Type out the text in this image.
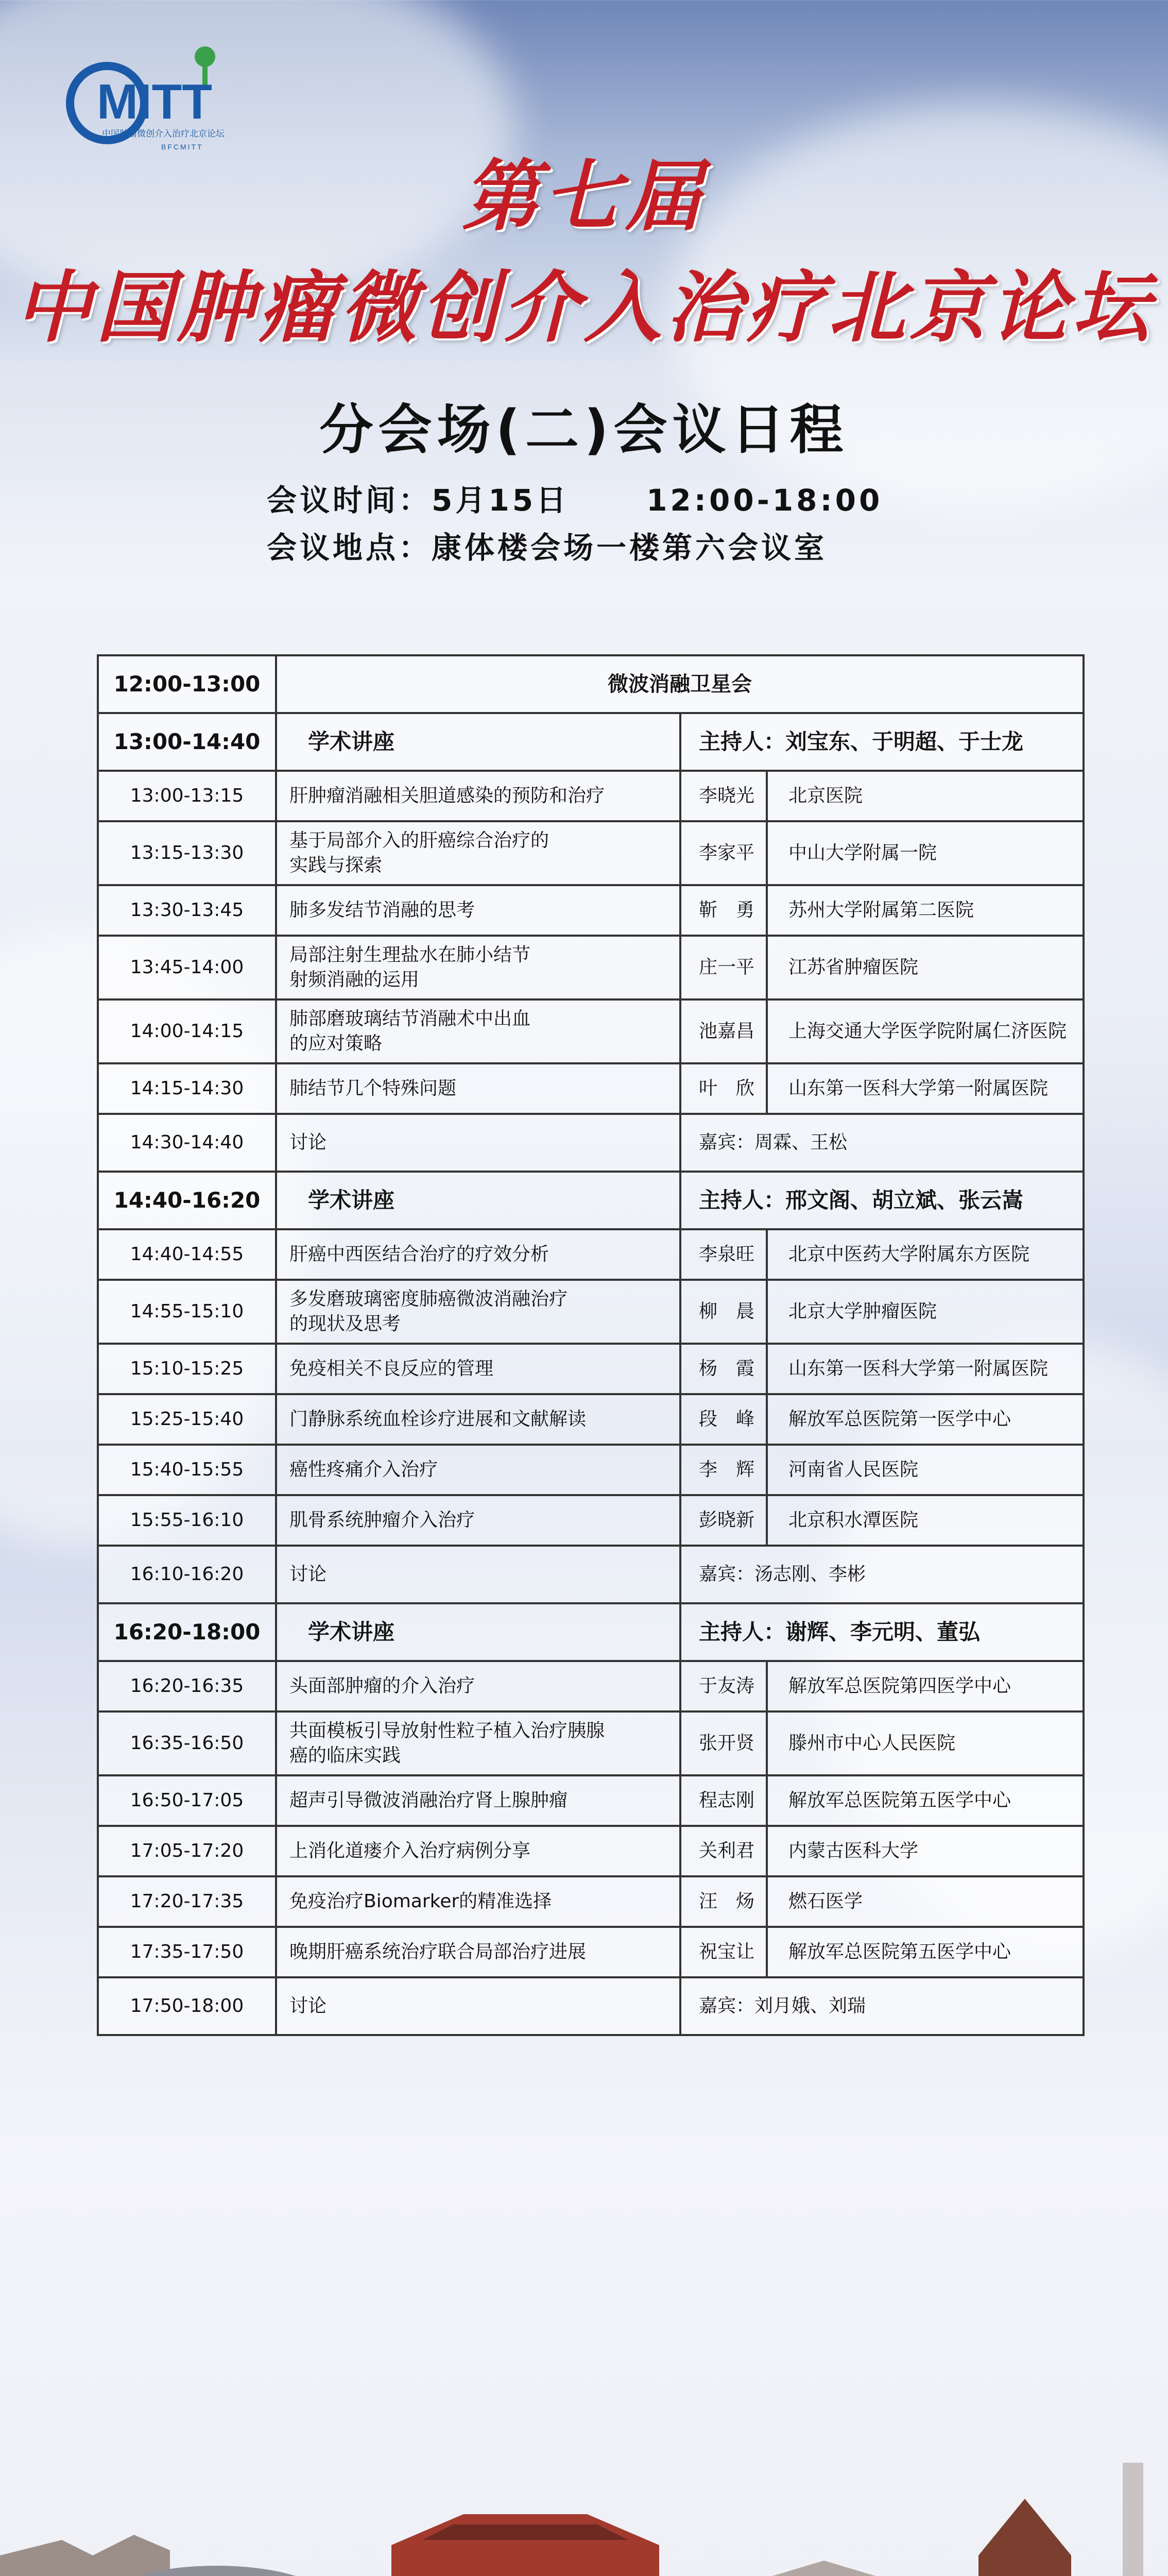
MITT
中国肿瘤微创介入治疗北京论坛
BFCMITT
第七届
中国肿瘤微创介入治疗北京论坛
分会场(二)会议日程
会议时间：5月15日	12:00-18:00
会议地点：康体楼会场一楼第六会议室
12:00-13:00	微波消融卫星会		
13:00-14:40	学术讲座	主持人：刘宝东、于明超、于士龙	
13:00-13:15	肝肿瘤消融相关胆道感染的预防和治疗	李晓光	北京医院
13:15-13:30	基于局部介入的肝癌综合治疗的
实践与探索	李家平	中山大学附属一院
13:30-13:45	肺多发结节消融的思考	靳　勇	苏州大学附属第二医院
13:45-14:00	局部注射生理盐水在肺小结节
射频消融的运用	庄一平	江苏省肿瘤医院
14:00-14:15	肺部磨玻璃结节消融术中出血
的应对策略	池嘉昌	上海交通大学医学院附属仁济医院
14:15-14:30	肺结节几个特殊问题	叶　欣	山东第一医科大学第一附属医院
14:30-14:40	讨论	嘉宾：周霖、王松	
14:40-16:20	学术讲座	主持人：邢文阁、胡立斌、张云嵩	
14:40-14:55	肝癌中西医结合治疗的疗效分析	李泉旺	北京中医药大学附属东方医院
14:55-15:10	多发磨玻璃密度肺癌微波消融治疗
的现状及思考	柳　晨	北京大学肿瘤医院
15:10-15:25	免疫相关不良反应的管理	杨　霞	山东第一医科大学第一附属医院
15:25-15:40	门静脉系统血栓诊疗进展和文献解读	段　峰	解放军总医院第一医学中心
15:40-15:55	癌性疼痛介入治疗	李　辉	河南省人民医院
15:55-16:10	肌骨系统肿瘤介入治疗	彭晓新	北京积水潭医院
16:10-16:20	讨论	嘉宾：汤志刚、李彬	
16:20-18:00	学术讲座	主持人：谢辉、李元明、董弘	
16:20-16:35	头面部肿瘤的介入治疗	于友涛	解放军总医院第四医学中心
16:35-16:50	共面模板引导放射性粒子植入治疗胰腺
癌的临床实践	张开贤	滕州市中心人民医院
16:50-17:05	超声引导微波消融治疗肾上腺肿瘤	程志刚	解放军总医院第五医学中心
17:05-17:20	上消化道瘘介入治疗病例分享	关利君	内蒙古医科大学
17:20-17:35	免疫治疗Biomarker的精准选择	汪　炀	燃石医学
17:35-17:50	晚期肝癌系统治疗联合局部治疗进展	祝宝让	解放军总医院第五医学中心
17:50-18:00	讨论	嘉宾：刘月娥、刘瑞	
